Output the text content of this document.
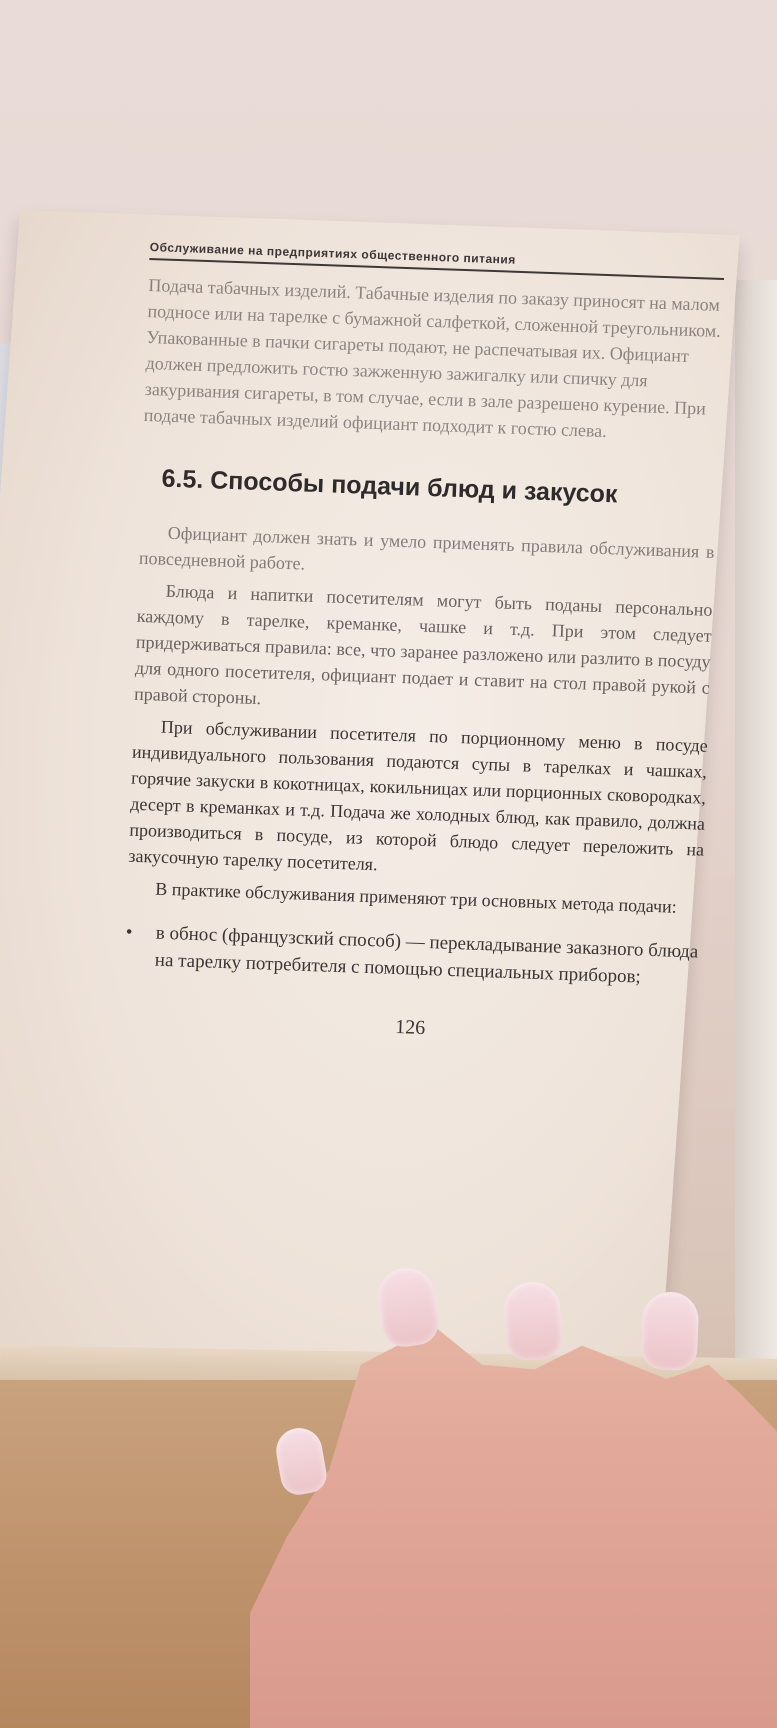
Обслуживание на предприятиях общественного питания
Подача табачных изделий. Табачные изделия по заказу приносят на малом подносе или на тарелке с бумажной салфеткой, сложенной треугольником. Упакованные в пачки сигареты подают, не распечатывая их. Официант должен предложить гостю зажженную зажигалку или спичку для закуривания сигареты, в том случае, если в зале разрешено курение. При подаче табачных изделий официант подходит к гостю слева.
6.5. Способы подачи блюд и закусок

Официант должен знать и умело применять правила обслуживания в повседневной работе.

Блюда и напитки посетителям могут быть поданы персонально каждому в тарелке, креманке, чашке и т.д. При этом следует придерживаться правила: все, что заранее разложено или разлито в посуду для одного посетителя, официант подает и ставит на стол правой рукой с правой стороны.

При обслуживании посетителя по порционному меню в посуде индивидуального пользования подаются супы в тарелках и чашках, горячие закуски в кокотницах, кокильницах или порционных сковородках, десерт в креманках и т.д. Подача же холодных блюд, как правило, должна производиться в посуде, из которой блюдо следует переложить на закусочную тарелку посетителя.

В практике обслуживания применяют три основных метода подачи:

•	в обнос (французский способ) — перекладывание заказного блюда на тарелку потребителя с помощью специальных приборов;
126
